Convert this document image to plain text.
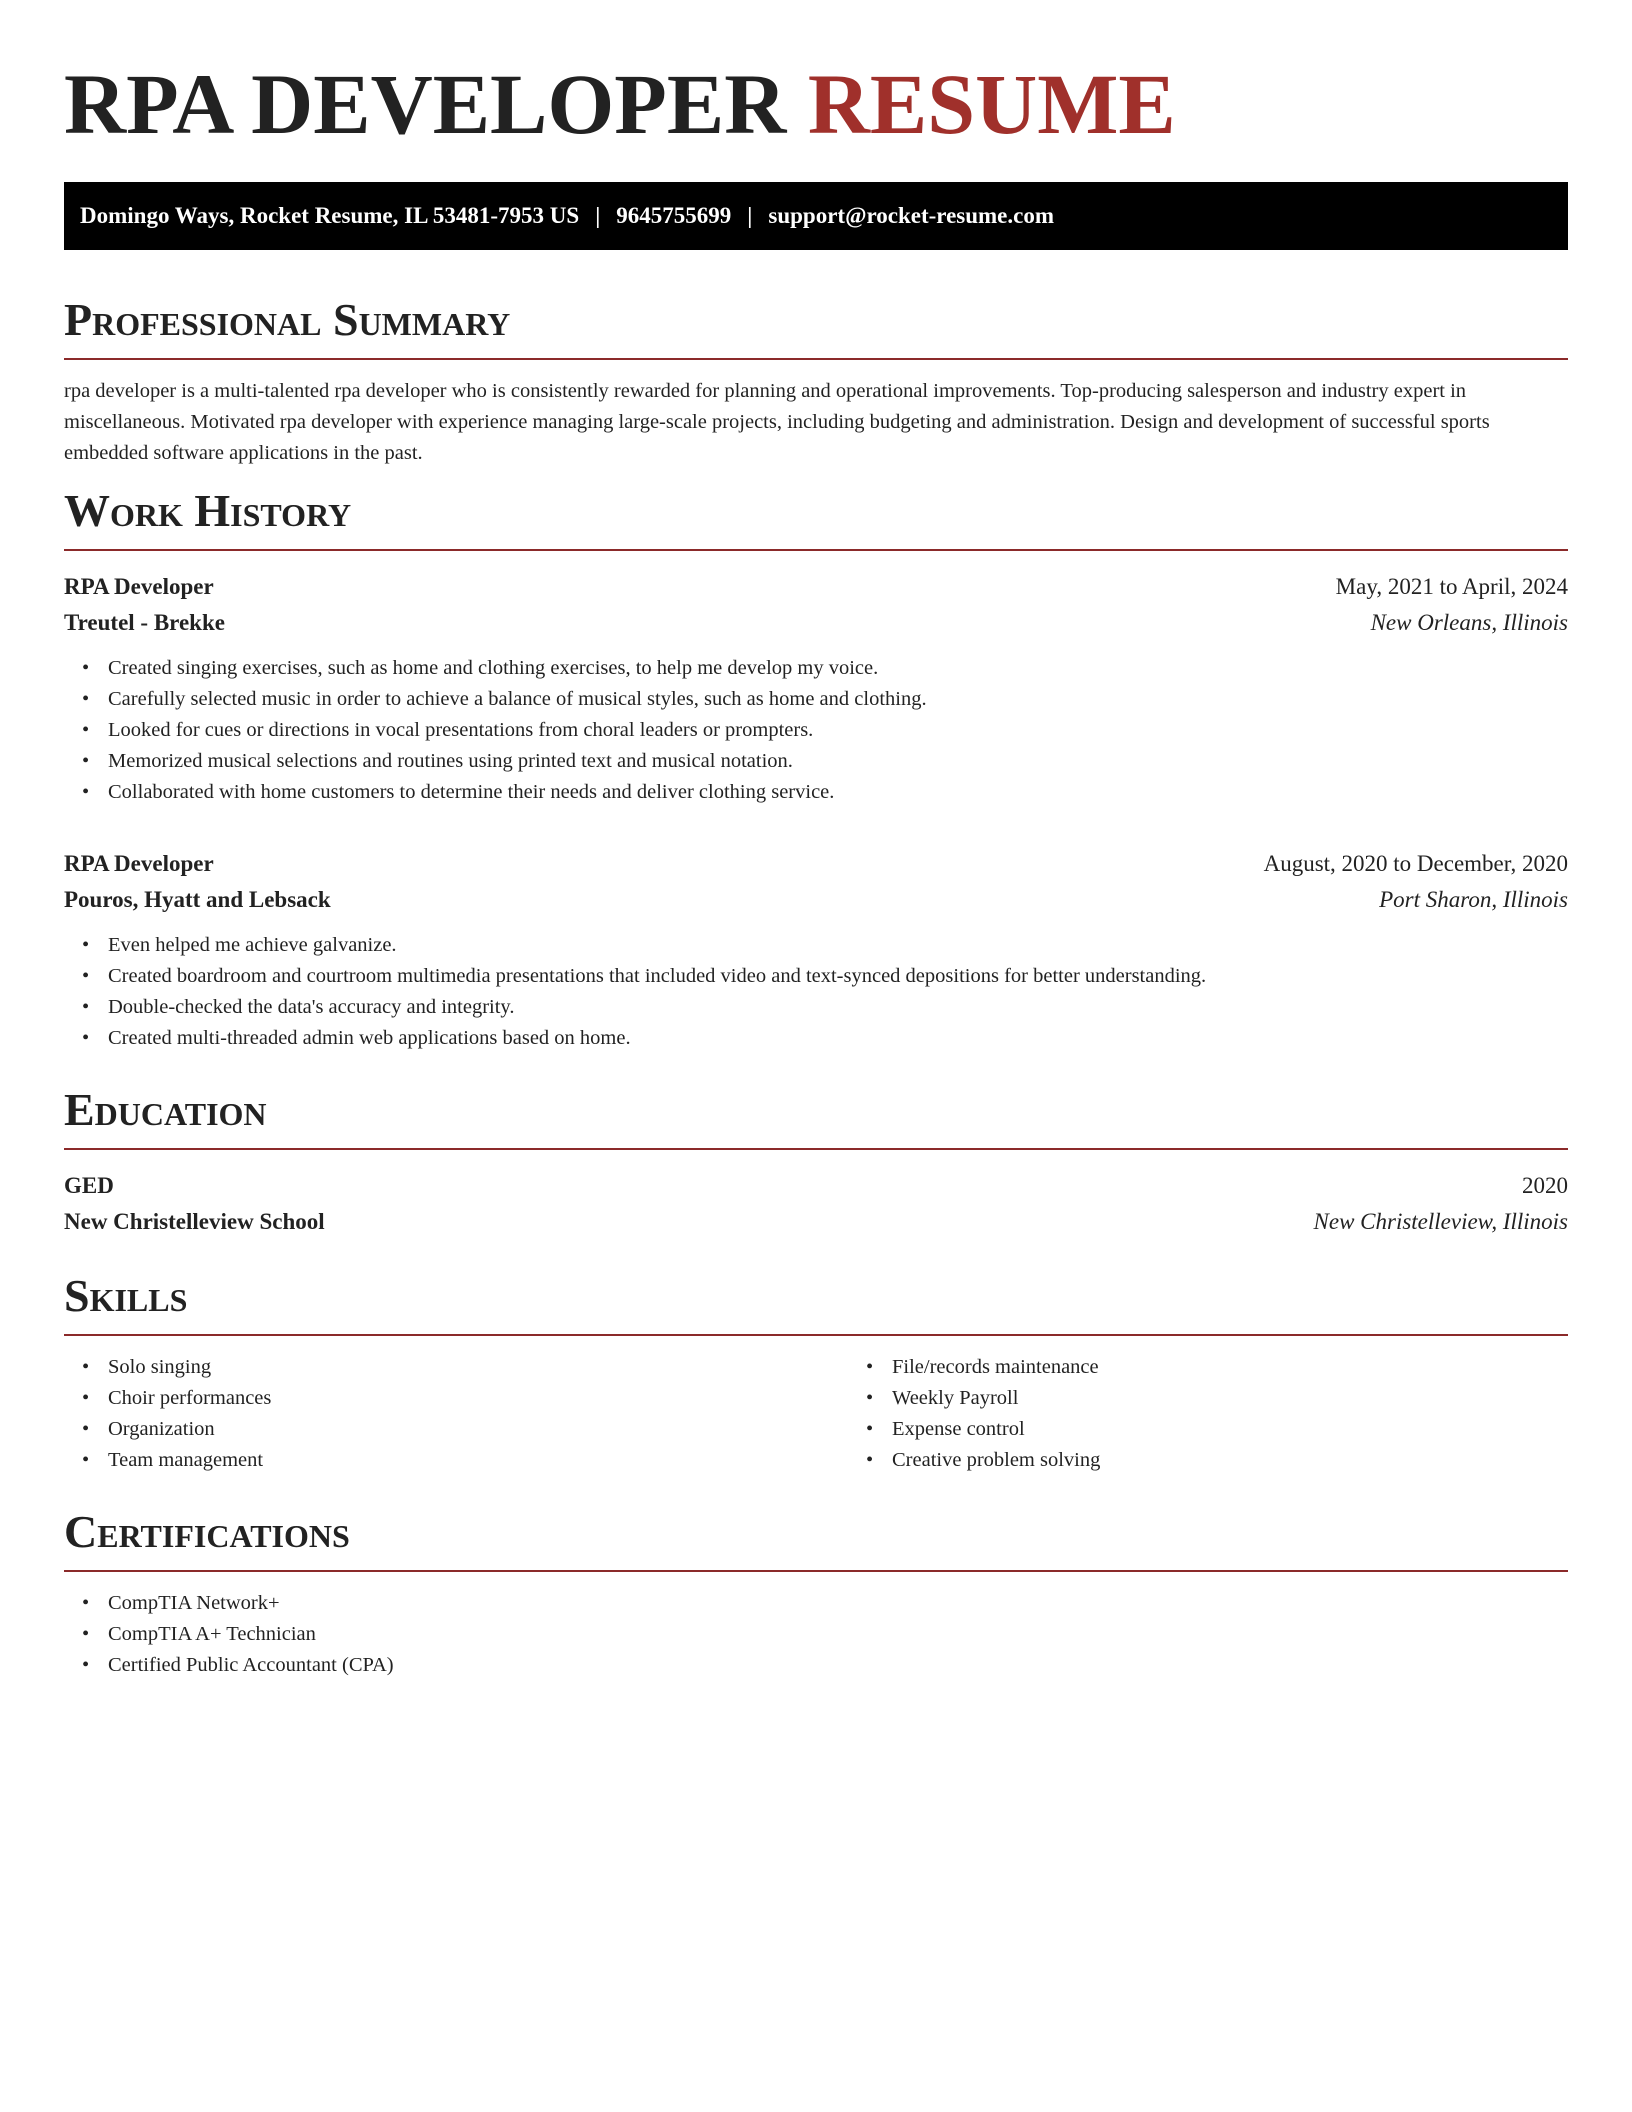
RPA DEVELOPER RESUME
Domingo Ways, Rocket Resume, IL 53481-7953 US | 9645755699 | support@rocket-resume.com
Professional Summary

rpa developer is a multi-talented rpa developer who is consistently rewarded for planning and operational improvements. Top-producing salesperson and industry expert in miscellaneous. Motivated rpa developer with experience managing large-scale projects, including budgeting and administration. Design and development of successful sports embedded software applications in the past.

Work History
RPA Developer	May, 2021 to April, 2024
Treutel - Brekke	New Orleans, Illinois
• Created singing exercises, such as home and clothing exercises, to help me develop my voice.
• Carefully selected music in order to achieve a balance of musical styles, such as home and clothing.
• Looked for cues or directions in vocal presentations from choral leaders or prompters.
• Memorized musical selections and routines using printed text and musical notation.
• Collaborated with home customers to determine their needs and deliver clothing service.
RPA Developer	August, 2020 to December, 2020
Pouros, Hyatt and Lebsack	Port Sharon, Illinois
• Even helped me achieve galvanize.
• Created boardroom and courtroom multimedia presentations that included video and text-synced depositions for better understanding.
• Double-checked the data's accuracy and integrity.
• Created multi-threaded admin web applications based on home.
Education
GED	2020
New Christelleview School	New Christelleview, Illinois
Skills
• Solo singing
• Choir performances
• Organization
• Team management
• File/records maintenance
• Weekly Payroll
• Expense control
• Creative problem solving
Certifications
• CompTIA Network+
• CompTIA A+ Technician
• Certified Public Accountant (CPA)
